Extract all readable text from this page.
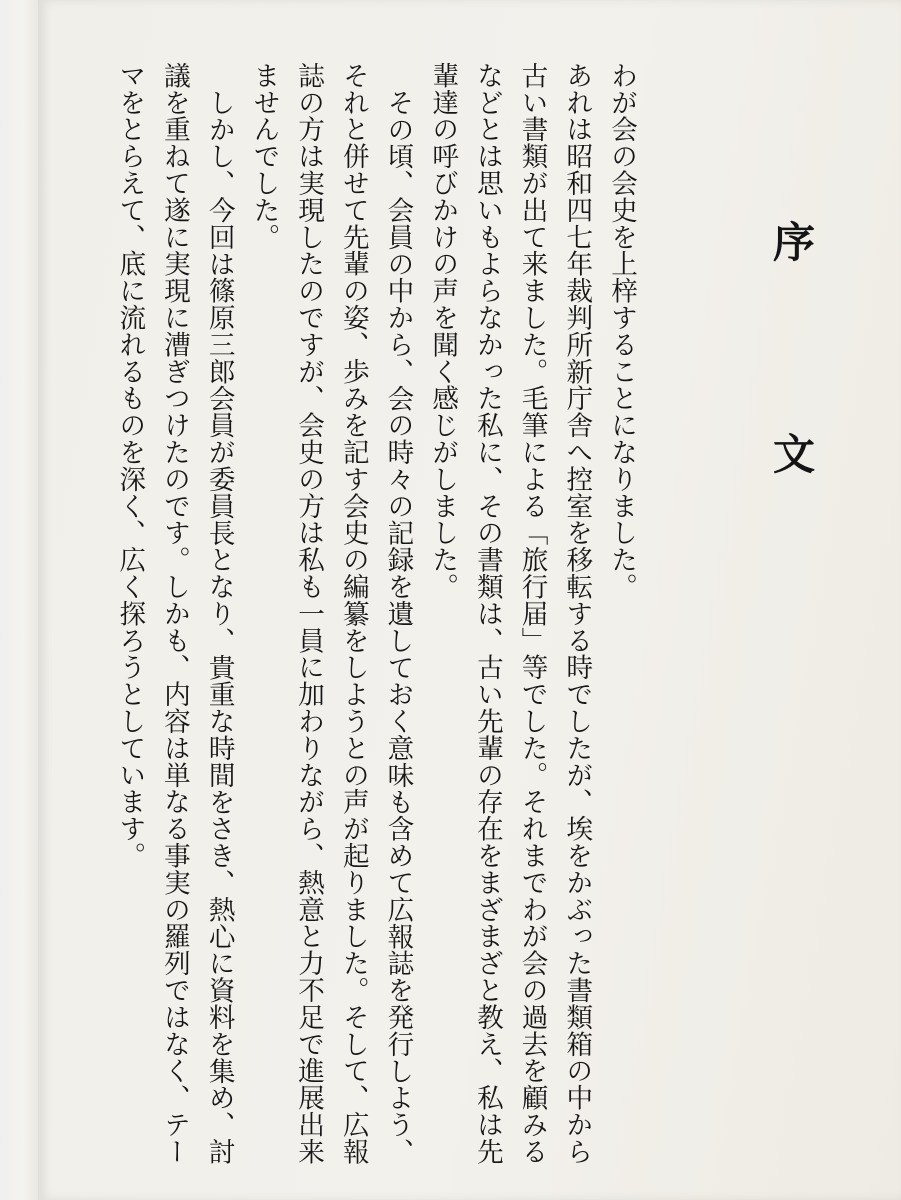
序文

わが会の会史を上梓することになりました。

あれは昭和四七年裁判所新庁舎へ控室を移転する時でしたが、埃をかぶった書類箱の中から古い書類が出て来ました。毛筆による「旅行届」等でした。それまでわが会の過去を顧みるなどとは思いもよらなかった私に、その書類は、古い先輩の存在をまざまざと教え、私は先輩達の呼びかけの声を聞く感じがしました。

その頃、会員の中から、会の時々の記録を遺しておく意味も含めて広報誌を発行しよう、それと併せて先輩の姿、歩みを記す会史の編纂をしようとの声が起りました。そして、広報誌の方は実現したのですが、会史の方は私も一員に加わりながら、熱意と力不足で進展出来ませんでした。

しかし、今回は篠原三郎会員が委員長となり、貴重な時間をさき、熱心に資料を集め、討議を重ねて遂に実現に漕ぎつけたのです。しかも、内容は単なる事実の羅列ではなく、テーマをとらえて、底に流れるものを深く、広く探ろうとしています。
